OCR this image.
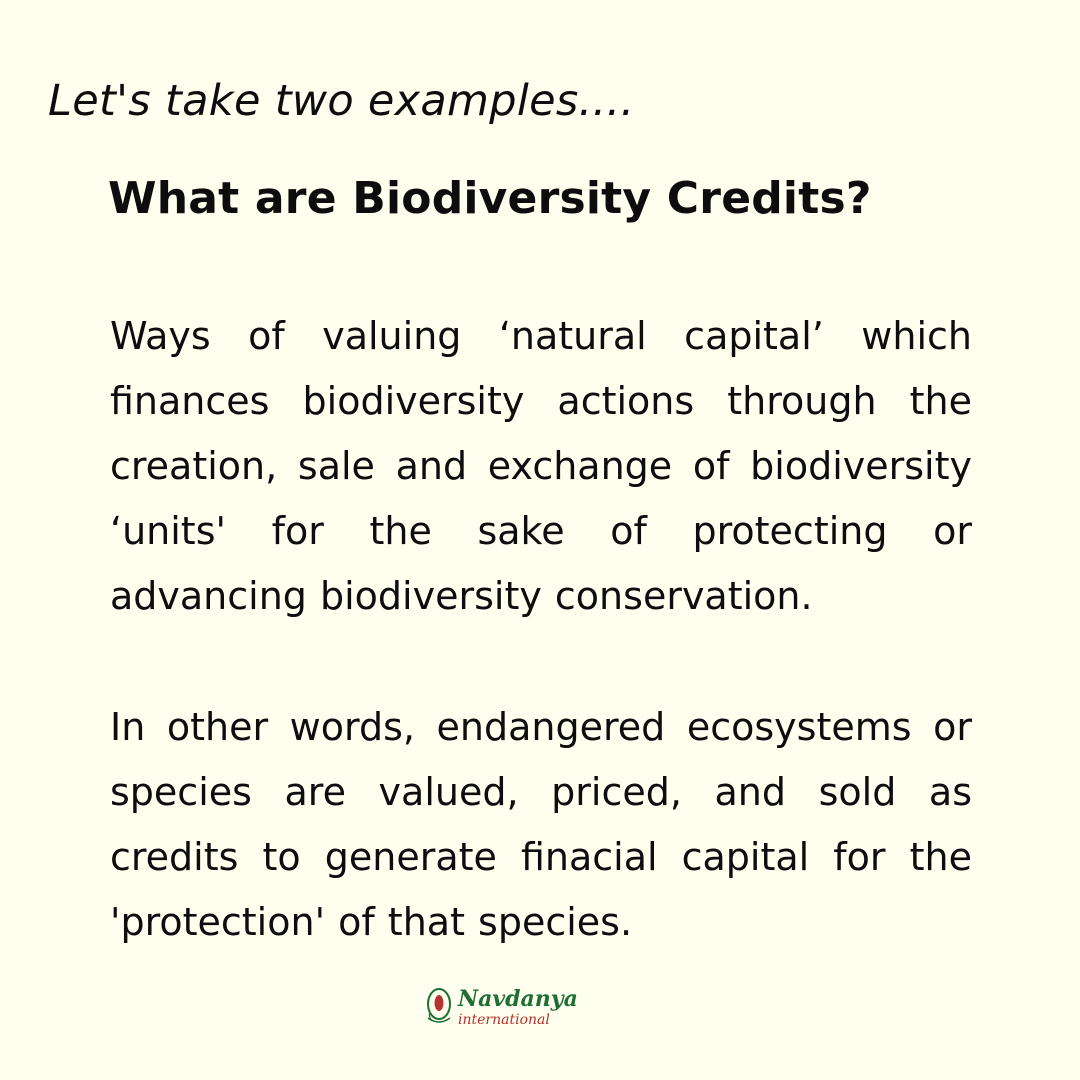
Let's take two examples....
What are Biodiversity Credits?

Ways of valuing ‘natural capital’ which finances biodiversity actions through the creation, sale and exchange of biodiversity ‘units' for the sake of protecting or advancing biodiversity conservation.

In other words, endangered ecosystems or species are valued, priced, and sold as credits to generate finacial capital for the 'protection' of that species.

Navdanya
international
